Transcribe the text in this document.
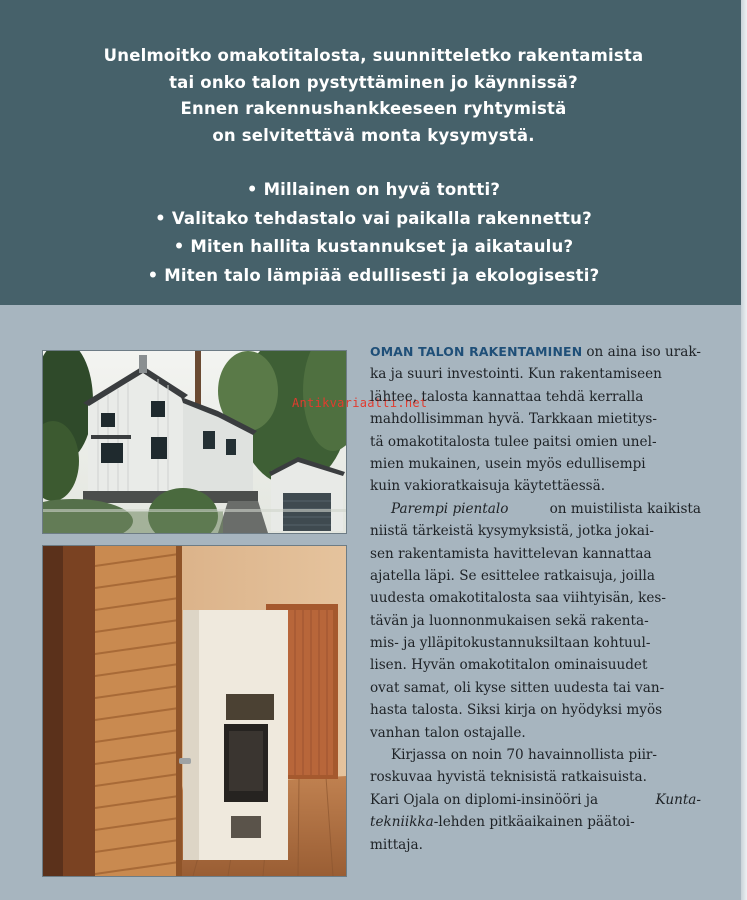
Unelmoitko omakotitalosta, suunnitteletko rakentamista
tai onko talon pystyttäminen jo käynnissä?
Ennen rakennushankkeeseen ryhtymistä
on selvitettävä monta kysymystä.
• Millainen on hyvä tontti?
• Valitako tehdastalo vai paikalla rakennettu?
• Miten hallita kustannukset ja aikataulu?
• Miten talo lämpiää edullisesti ja ekologisesti?
Antikvariaatti.net
OMAN TALON RAKENTAMINEN on aina iso urak-
ka ja suuri investointi. Kun rakentamiseen
lähtee, talosta kannattaa tehdä kerralla
mahdollisimman hyvä. Tarkkaan mietitys-
tä omakotitalosta tulee paitsi omien unel-
mien mukainen, usein myös edullisempi
kuin vakioratkaisuja käytettäessä.
Parempi pientalo	on muistilista kaikista
niistä tärkeistä kysymyksistä, jotka jokai-
sen rakentamista havittelevan kannattaa
ajatella läpi. Se esittelee ratkaisuja, joilla
uudesta omakotitalosta saa viihtyisän, kes-
tävän ja luonnonmukaisen sekä rakenta-
mis- ja ylläpitokustannuksiltaan kohtuul-
lisen. Hyvän omakotitalon ominaisuudet
ovat samat, oli kyse sitten uudesta tai van-
hasta talosta. Siksi kirja on hyödyksi myös
vanhan talon ostajalle.
Kirjassa on noin 70 havainnollista piir-
roskuvaa hyvistä teknisistä ratkaisuista.
Kari Ojala on diplomi-insinööri ja	Kunta-
tekniikka-lehden pitkäaikainen päätoi-
mittaja.
